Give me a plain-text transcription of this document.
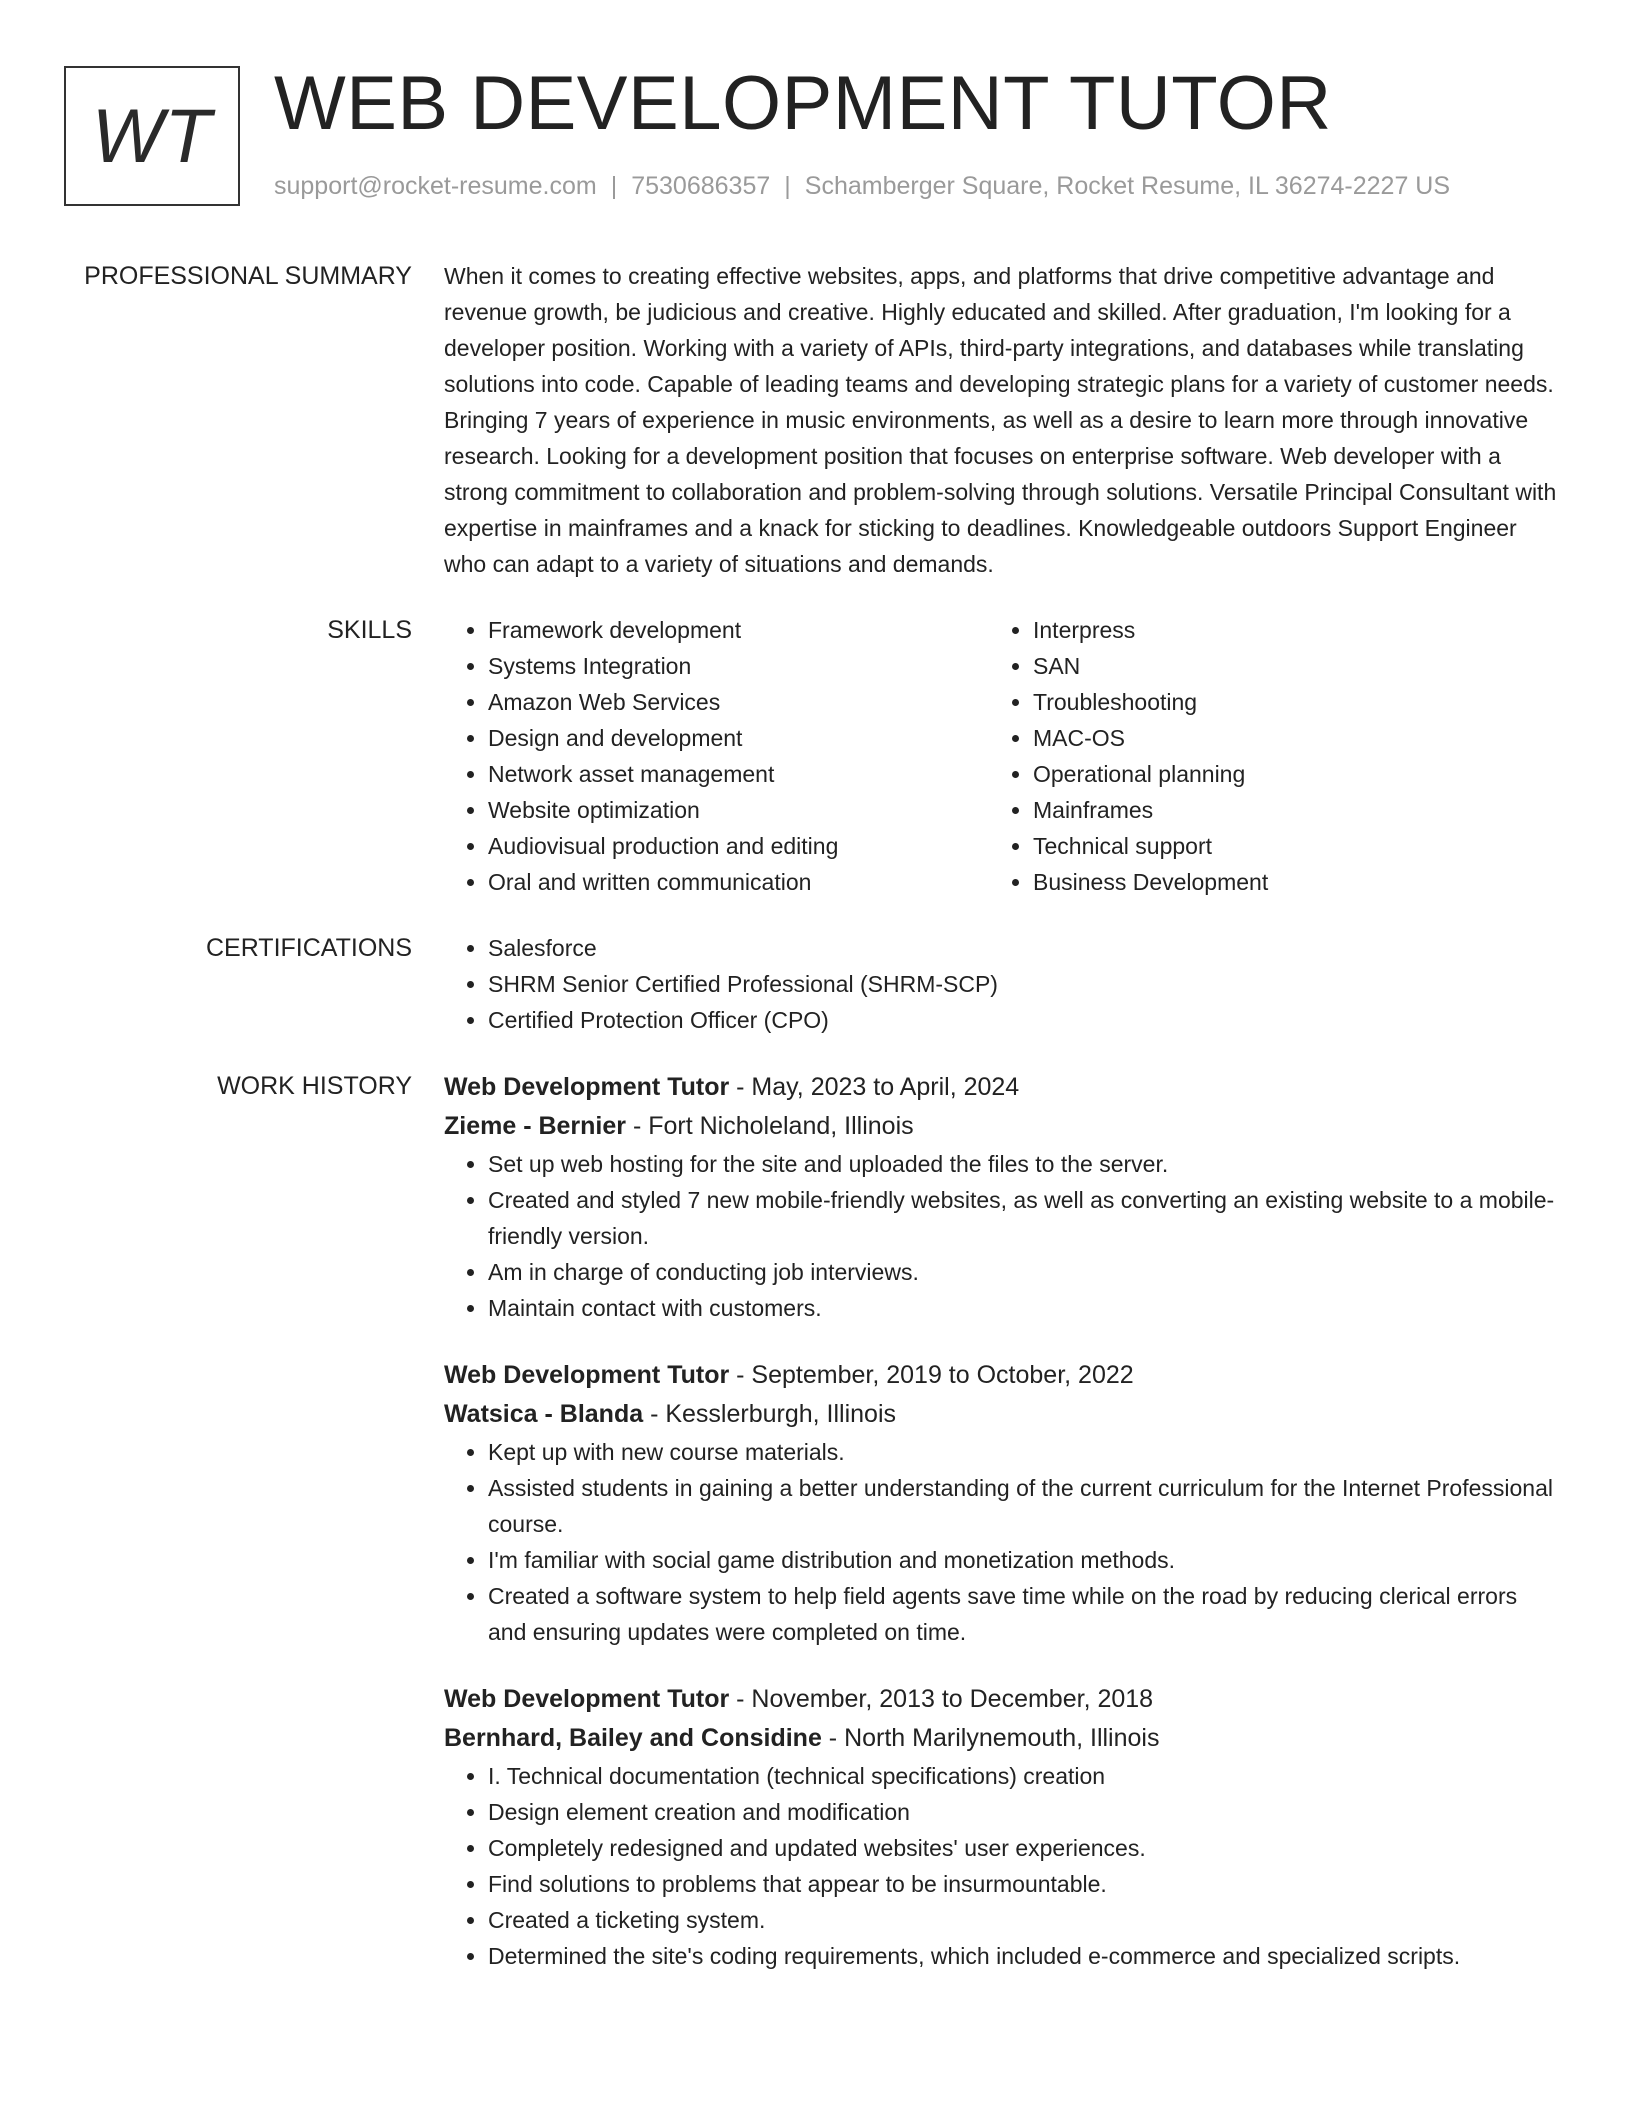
WT WEB DEVELOPMENT TUTOR
support@rocket-resume.com | 7530686357 | Schamberger Square, Rocket Resume, IL 36274-2227 US
PROFESSIONAL SUMMARY When it comes to creating effective websites, apps, and platforms that drive competitive advantage and revenue growth, be judicious and creative. Highly educated and skilled. After graduation, I'm looking for a developer position. Working with a variety of APIs, third-party integrations, and databases while translating solutions into code. Capable of leading teams and developing strategic plans for a variety of customer needs. Bringing 7 years of experience in music environments, as well as a desire to learn more through innovative research. Looking for a development position that focuses on enterprise software. Web developer with a strong commitment to collaboration and problem-solving through solutions. Versatile Principal Consultant with expertise in mainframes and a knack for sticking to deadlines. Knowledgeable outdoors Support Engineer who can adapt to a variety of situations and demands.

SKILLS	• Framework development
• Systems Integration
• Amazon Web Services
• Design and development
• Network asset management
• Website optimization
• Audiovisual production and editing
• Oral and written communication
• Interpress
• SAN
• Troubleshooting
• MAC-OS
• Operational planning
• Mainframes
• Technical support
• Business Development
CERTIFICATIONS	• Salesforce
• SHRM Senior Certified Professional (SHRM-SCP)
• Certified Protection Officer (CPO)
WORK HISTORY Web Development Tutor - May, 2023 to April, 2024
Zieme - Bernier - Fort Nicholeland, Illinois
• Set up web hosting for the site and uploaded the files to the server.
• Created and styled 7 new mobile-friendly websites, as well as converting an existing website to a mobile-friendly version.
• Am in charge of conducting job interviews.
• Maintain contact with customers.
Web Development Tutor - September, 2019 to October, 2022
Watsica - Blanda - Kesslerburgh, Illinois
• Kept up with new course materials.
• Assisted students in gaining a better understanding of the current curriculum for the Internet Professional course.
• I'm familiar with social game distribution and monetization methods.
• Created a software system to help field agents save time while on the road by reducing clerical errors and ensuring updates were completed on time.
Web Development Tutor - November, 2013 to December, 2018
Bernhard, Bailey and Considine - North Marilynemouth, Illinois
• I. Technical documentation (technical specifications) creation
• Design element creation and modification
• Completely redesigned and updated websites' user experiences.
• Find solutions to problems that appear to be insurmountable.
• Created a ticketing system.
• Determined the site's coding requirements, which included e-commerce and specialized scripts.
